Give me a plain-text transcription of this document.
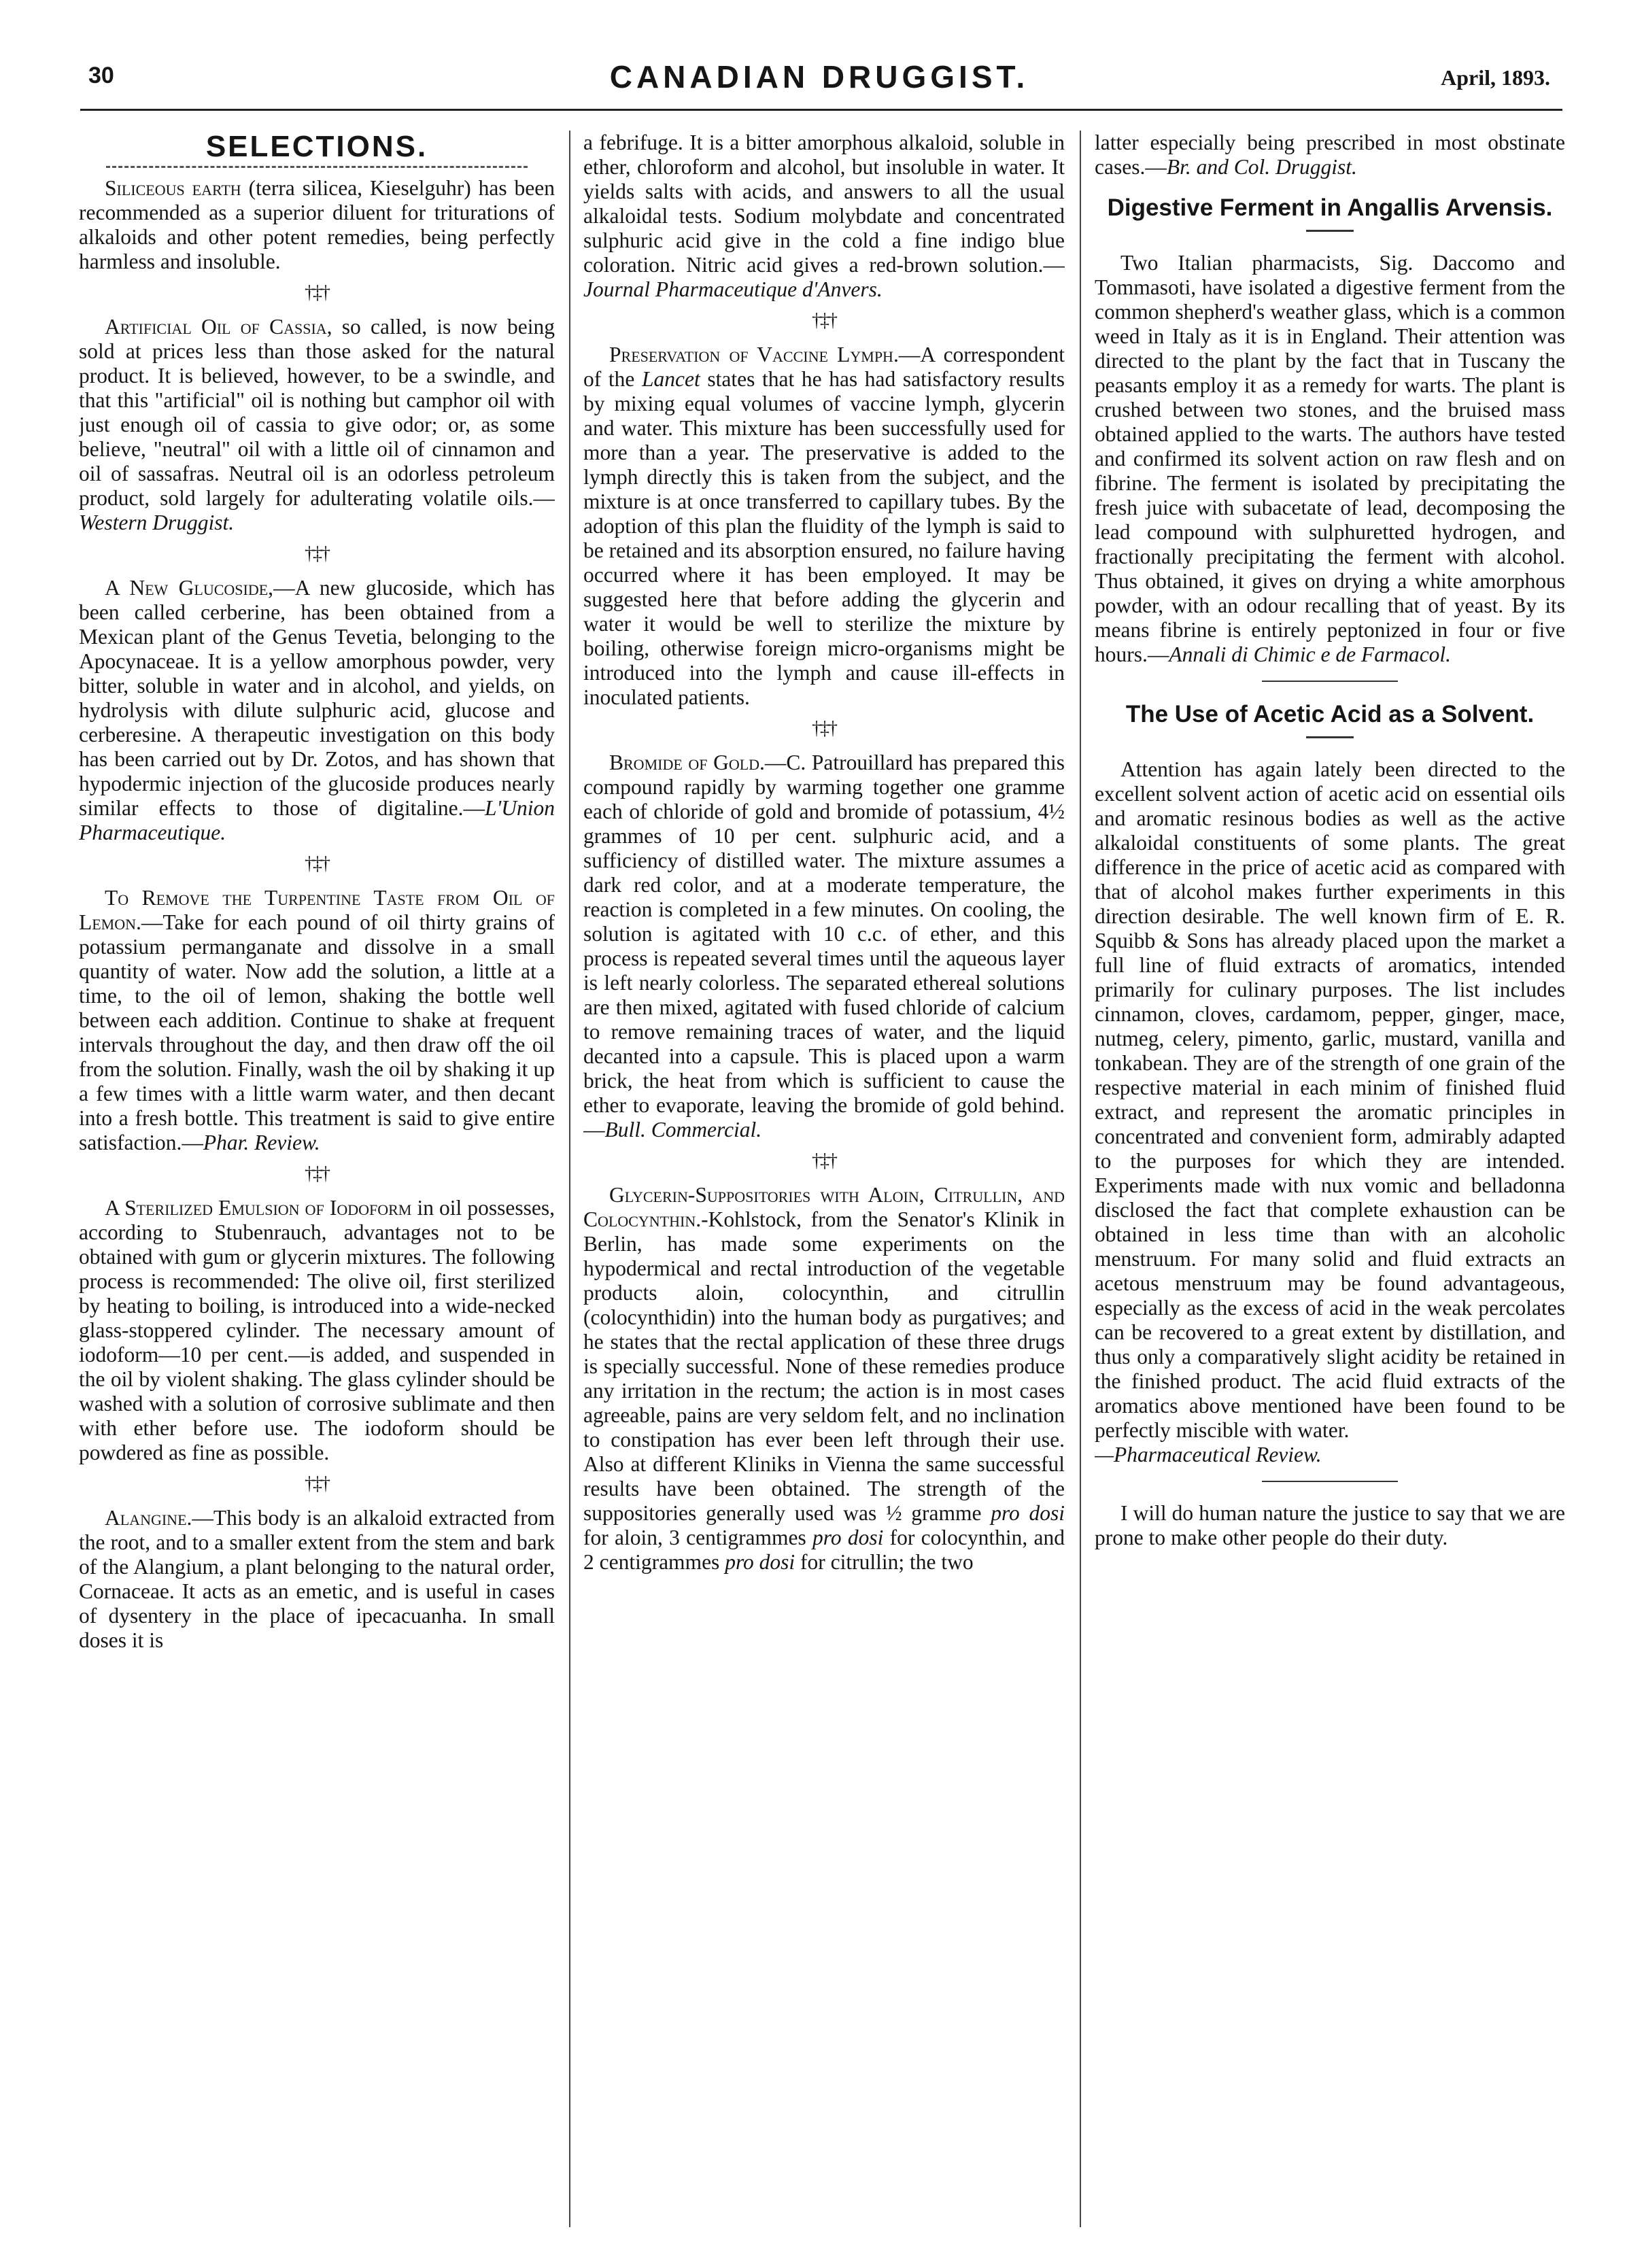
30	CANADIAN DRUGGIST.	April, 1893.
SELECTIONS.

Siliceous earth (terra silicea, Kieselguhr) has been recommended as a superior diluent for triturations of alkaloids and other potent remedies, being perfectly harmless and insoluble.

†‡†

Artificial Oil of Cassia, so called, is now being sold at prices less than those asked for the natural product. It is believed, however, to be a swindle, and that this "artificial" oil is nothing but camphor oil with just enough oil of cassia to give odor; or, as some believe, "neutral" oil with a little oil of cinnamon and oil of sassafras. Neutral oil is an odorless petroleum product, sold largely for adulterating volatile oils.—Western Druggist.

†‡†

A New Glucoside,—A new glucoside, which has been called cerberine, has been obtained from a Mexican plant of the Genus Tevetia, belonging to the Apocynaceae. It is a yellow amorphous powder, very bitter, soluble in water and in alcohol, and yields, on hydrolysis with dilute sulphuric acid, glucose and cerberesine. A therapeutic investigation on this body has been carried out by Dr. Zotos, and has shown that hypodermic injection of the glucoside produces nearly similar effects to those of digitaline.—L'Union Pharmaceutique.

†‡†

To Remove the Turpentine Taste from Oil of Lemon.—Take for each pound of oil thirty grains of potassium permanganate and dissolve in a small quantity of water. Now add the solution, a little at a time, to the oil of lemon, shaking the bottle well between each addition. Continue to shake at frequent intervals throughout the day, and then draw off the oil from the solution. Finally, wash the oil by shaking it up a few times with a little warm water, and then decant into a fresh bottle. This treatment is said to give entire satisfaction.—Phar. Review.

†‡†

A Sterilized Emulsion of Iodoform in oil possesses, according to Stubenrauch, advantages not to be obtained with gum or glycerin mixtures. The following process is recommended: The olive oil, first sterilized by heating to boiling, is introduced into a wide-necked glass-stoppered cylinder. The necessary amount of iodoform—10 per cent.—is added, and suspended in the oil by violent shaking. The glass cylinder should be washed with a solution of corrosive sublimate and then with ether before use. The iodoform should be powdered as fine as possible.

†‡†

Alangine.—This body is an alkaloid extracted from the root, and to a smaller extent from the stem and bark of the Alangium, a plant belonging to the natural order, Cornaceae. It acts as an emetic, and is useful in cases of dysentery in the place of ipecacuanha. In small doses it is

a febrifuge. It is a bitter amorphous alkaloid, soluble in ether, chloroform and alcohol, but insoluble in water. It yields salts with acids, and answers to all the usual alkaloidal tests. Sodium molybdate and concentrated sulphuric acid give in the cold a fine indigo blue coloration. Nitric acid gives a red-brown solution.—Journal Pharmaceutique d'Anvers.

†‡†

Preservation of Vaccine Lymph.—A correspondent of the Lancet states that he has had satisfactory results by mixing equal volumes of vaccine lymph, glycerin and water. This mixture has been successfully used for more than a year. The preservative is added to the lymph directly this is taken from the subject, and the mixture is at once transferred to capillary tubes. By the adoption of this plan the fluidity of the lymph is said to be retained and its absorption ensured, no failure having occurred where it has been employed. It may be suggested here that before adding the glycerin and water it would be well to sterilize the mixture by boiling, otherwise foreign micro-organisms might be introduced into the lymph and cause ill-effects in inoculated patients.

†‡†

Bromide of Gold.—C. Patrouillard has prepared this compound rapidly by warming together one gramme each of chloride of gold and bromide of potassium, 4½ grammes of 10 per cent. sulphuric acid, and a sufficiency of distilled water. The mixture assumes a dark red color, and at a moderate temperature, the reaction is completed in a few minutes. On cooling, the solution is agitated with 10 c.c. of ether, and this process is repeated several times until the aqueous layer is left nearly colorless. The separated ethereal solutions are then mixed, agitated with fused chloride of calcium to remove remaining traces of water, and the liquid decanted into a capsule. This is placed upon a warm brick, the heat from which is sufficient to cause the ether to evaporate, leaving the bromide of gold behind.—Bull. Commercial.

†‡†

Glycerin-Suppositories with Aloin, Citrullin, and Colocynthin.-Kohlstock, from the Senator's Klinik in Berlin, has made some experiments on the hypodermical and rectal introduction of the vegetable products aloin, colocynthin, and citrullin (colocynthidin) into the human body as purgatives; and he states that the rectal application of these three drugs is specially successful. None of these remedies produce any irritation in the rectum; the action is in most cases agreeable, pains are very seldom felt, and no inclination to constipation has ever been left through their use. Also at different Kliniks in Vienna the same successful results have been obtained. The strength of the suppositories generally used was ½ gramme pro dosi for aloin, 3 centigrammes pro dosi for colocynthin, and 2 centigrammes pro dosi for citrullin; the two

latter especially being prescribed in most obstinate cases.—Br. and Col. Druggist.

Digestive Ferment in Angallis Arvensis.

Two Italian pharmacists, Sig. Daccomo and Tommasoti, have isolated a digestive ferment from the common shepherd's weather glass, which is a common weed in Italy as it is in England. Their attention was directed to the plant by the fact that in Tuscany the peasants employ it as a remedy for warts. The plant is crushed between two stones, and the bruised mass obtained applied to the warts. The authors have tested and confirmed its solvent action on raw flesh and on fibrine. The ferment is isolated by precipitating the fresh juice with subacetate of lead, decomposing the lead compound with sulphuretted hydrogen, and fractionally precipitating the ferment with alcohol. Thus obtained, it gives on drying a white amorphous powder, with an odour recalling that of yeast. By its means fibrine is entirely peptonized in four or five hours.—Annali di Chimic e de Farmacol.

The Use of Acetic Acid as a Solvent.

Attention has again lately been directed to the excellent solvent action of acetic acid on essential oils and aromatic resinous bodies as well as the active alkaloidal constituents of some plants. The great difference in the price of acetic acid as compared with that of alcohol makes further experiments in this direction desirable. The well known firm of E. R. Squibb & Sons has already placed upon the market a full line of fluid extracts of aromatics, intended primarily for culinary purposes. The list includes cinnamon, cloves, cardamom, pepper, ginger, mace, nutmeg, celery, pimento, garlic, mustard, vanilla and tonkabean. They are of the strength of one grain of the respective material in each minim of finished fluid extract, and represent the aromatic principles in concentrated and convenient form, admirably adapted to the purposes for which they are intended. Experiments made with nux vomic and belladonna disclosed the fact that complete exhaustion can be obtained in less time than with an alcoholic menstruum. For many solid and fluid extracts an acetous menstruum may be found advantageous, especially as the excess of acid in the weak percolates can be recovered to a great extent by distillation, and thus only a comparatively slight acidity be retained in the finished product. The acid fluid extracts of the aromatics above mentioned have been found to be perfectly miscible with water.

—Pharmaceutical Review.

I will do human nature the justice to say that we are prone to make other people do their duty.
